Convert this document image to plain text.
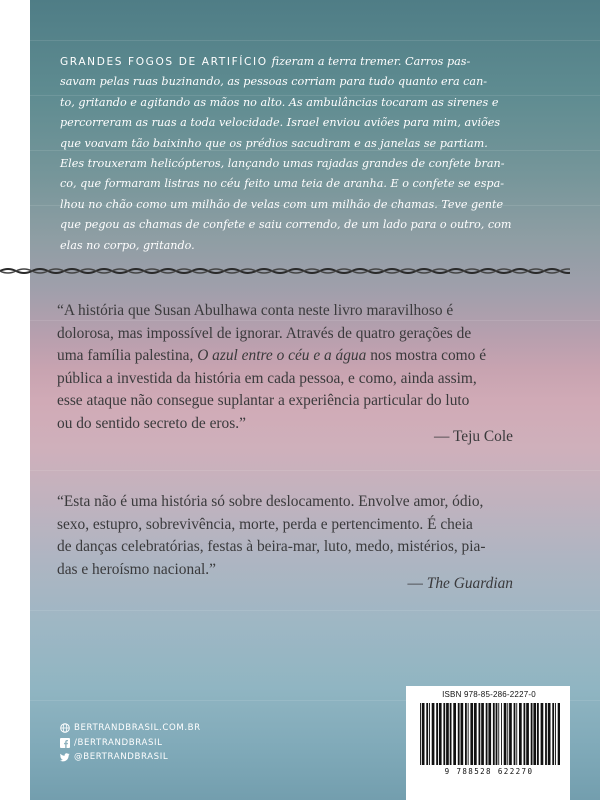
GRANDES FOGOS DE ARTIFÍCIO fizeram a terra tremer. Carros pas-
savam pelas ruas buzinando, as pessoas corriam para tudo quanto era can-
to, gritando e agitando as mãos no alto. As ambulâncias tocaram as sirenes e
percorreram as ruas a toda velocidade. Israel enviou aviões para mim, aviões
que voavam tão baixinho que os prédios sacudiram e as janelas se partiam.
Eles trouxeram helicópteros, lançando umas rajadas grandes de confete bran-
co, que formaram listras no céu feito uma teia de aranha. E o confete se espa-
lhou no chão como um milhão de velas com um milhão de chamas. Teve gente
que pegou as chamas de confete e saiu correndo, de um lado para o outro, com
elas no corpo, gritando.
“A história que Susan Abulhawa conta neste livro maravilhoso é
dolorosa, mas impossível de ignorar. Através de quatro gerações de
uma família palestina, O azul entre o céu e a água nos mostra como é
pública a investida da história em cada pessoa, e como, ainda assim,
esse ataque não consegue suplantar a experiência particular do luto
ou do sentido secreto de eros.”
— Teju Cole
“Esta não é uma história só sobre deslocamento. Envolve amor, ódio,
sexo, estupro, sobrevivência, morte, perda e pertencimento. É cheia
de danças celebratórias, festas à beira-mar, luto, medo, mistérios, pia-
das e heroísmo nacional.”
— The Guardian
ISBN 978-85-286-2227-0
9 788528 622270
BERTRANDBRASIL.COM.BR
/BERTRANDBRASIL
@BERTRANDBRASIL
